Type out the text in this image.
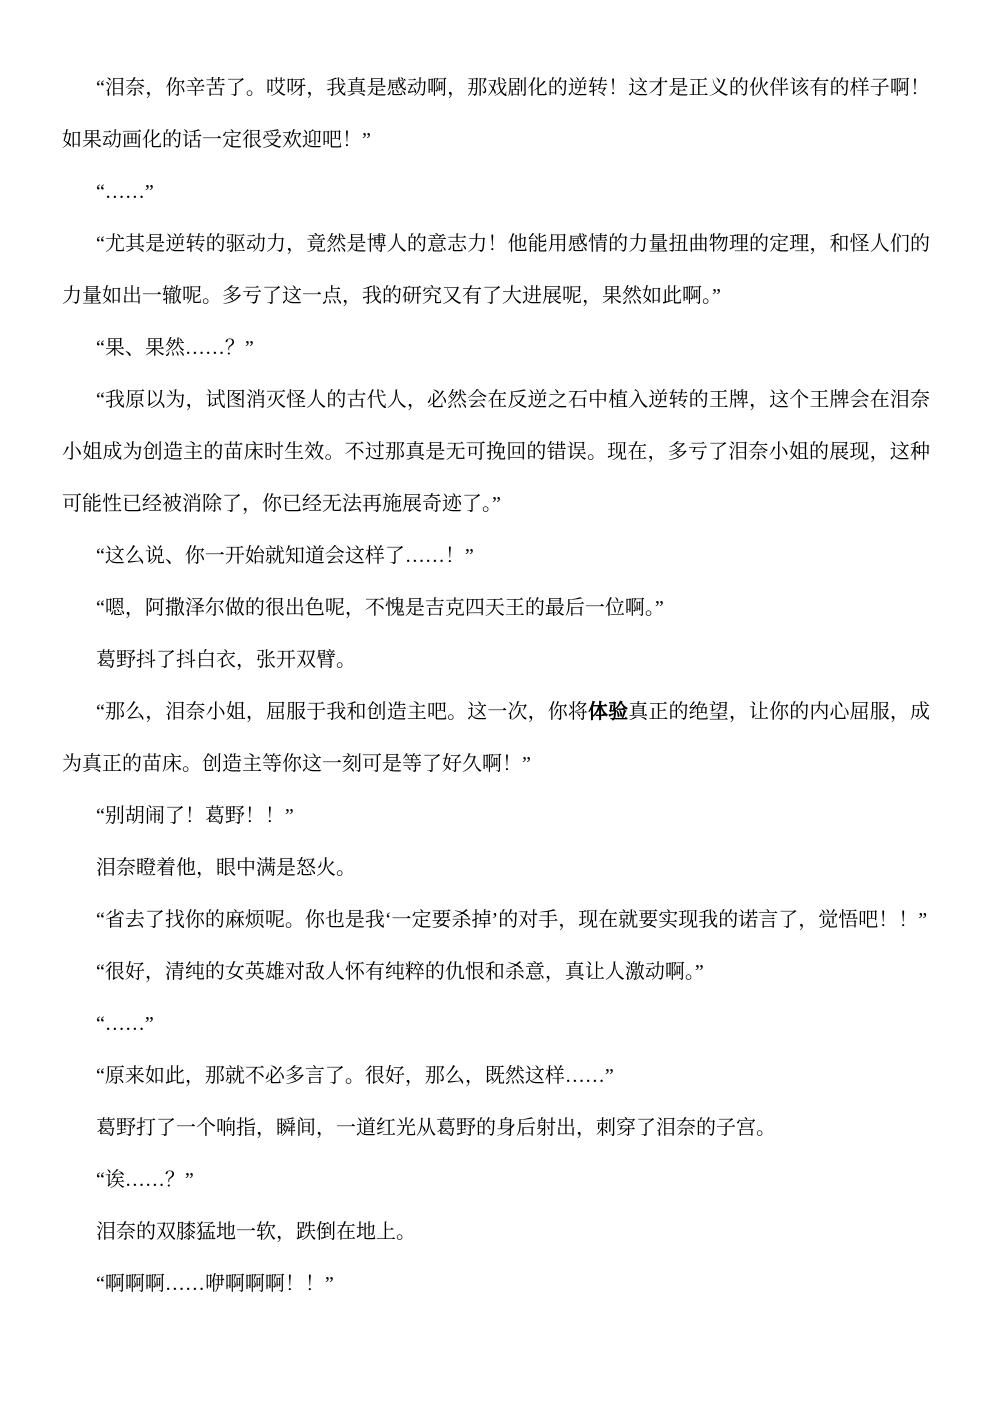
“泪奈，你辛苦了。哎呀，我真是感动啊，那戏剧化的逆转！这才是正义的伙伴该有的样子啊！如果动画化的话一定很受欢迎吧！”

“……”

“尤其是逆转的驱动力，竟然是博人的意志力！他能用感情的力量扭曲物理的定理，和怪人们的力量如出一辙呢。多亏了这一点，我的研究又有了大进展呢，果然如此啊。”

“果、果然……？”

“我原以为，试图消灭怪人的古代人，必然会在反逆之石中植入逆转的王牌，这个王牌会在泪奈小姐成为创造主的苗床时生效。不过那真是无可挽回的错误。现在，多亏了泪奈小姐的展现，这种可能性已经被消除了，你已经无法再施展奇迹了。”

“这么说、你一开始就知道会这样了……！”

“嗯，阿撒泽尔做的很出色呢，不愧是吉克四天王的最后一位啊。”

葛野抖了抖白衣，张开双臂。

“那么，泪奈小姐，屈服于我和创造主吧。这一次，你将体验真正的绝望，让你的内心屈服，成为真正的苗床。创造主等你这一刻可是等了好久啊！”

“别胡闹了！葛野！！”

泪奈瞪着他，眼中满是怒火。

“省去了找你的麻烦呢。你也是我‘一定要杀掉’的对手，现在就要实现我的诺言了，觉悟吧！！”

“很好，清纯的女英雄对敌人怀有纯粹的仇恨和杀意，真让人激动啊。”

“……”

“原来如此，那就不必多言了。很好，那么，既然这样……”

葛野打了一个响指，瞬间，一道红光从葛野的身后射出，刺穿了泪奈的子宫。

“诶……？”

泪奈的双膝猛地一软，跌倒在地上。

“啊啊啊……咿啊啊啊！！”
